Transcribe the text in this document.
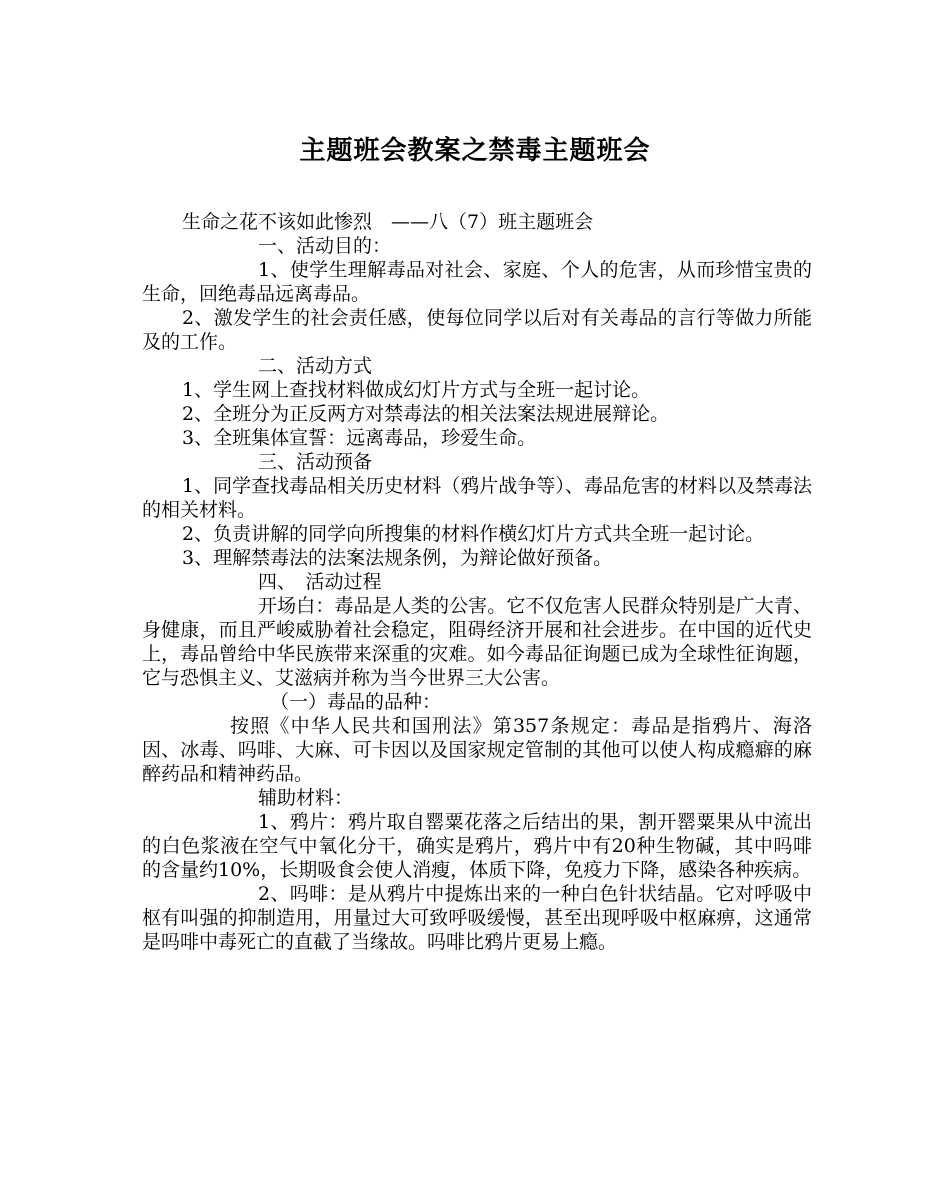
主题班会教案之禁毒主题班会

生命之花不该如此惨烈　——八（7）班主题班会

一、活动目的：

1、使学生理解毒品对社会、家庭、个人的危害，从而珍惜宝贵的生命，回绝毒品远离毒品。

2、激发学生的社会责任感，使每位同学以后对有关毒品的言行等做力所能及的工作。

二、活动方式

1、学生网上查找材料做成幻灯片方式与全班一起讨论。

2、全班分为正反两方对禁毒法的相关法案法规进展辩论。

3、全班集体宣誓：远离毒品，珍爱生命。

三、活动预备

1、同学查找毒品相关历史材料（鸦片战争等）、毒品危害的材料以及禁毒法的相关材料。

2、负责讲解的同学向所搜集的材料作横幻灯片方式共全班一起讨论。

3、理解禁毒法的法案法规条例，为辩论做好预备。

四、　活动过程

开场白：毒品是人类的公害。它不仅危害人民群众特别是广大青、身健康，而且严峻威胁着社会稳定，阻碍经济开展和社会进步。在中国的近代史上，毒品曾给中华民族带来深重的灾难。如今毒品征询题已成为全球性征询题，它与恐惧主义、艾滋病并称为当今世界三大公害。

（一）毒品的品种：

按照《中华人民共和国刑法》第357条规定：毒品是指鸦片、海洛因、冰毒、吗啡、大麻、可卡因以及国家规定管制的其他可以使人构成瘾癖的麻醉药品和精神药品。

辅助材料：

1、鸦片：鸦片取自罂粟花落之后结出的果，割开罂粟果从中流出的白色浆液在空气中氧化分干，确实是鸦片，鸦片中有20种生物碱，其中吗啡的含量约10%，长期吸食会使人消瘦，体质下降，免疫力下降，感染各种疾病。

2、吗啡：是从鸦片中提炼出来的一种白色针状结晶。它对呼吸中枢有叫强的抑制造用，用量过大可致呼吸缓慢，甚至出现呼吸中枢麻痹，这通常是吗啡中毒死亡的直截了当缘故。吗啡比鸦片更易上瘾。
